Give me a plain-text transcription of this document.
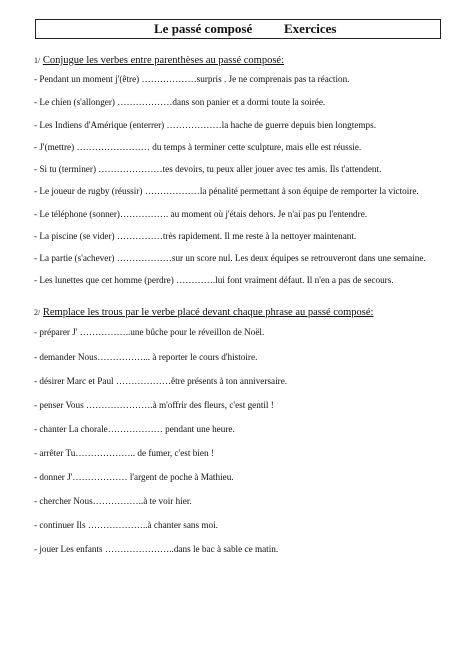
Le passé composé Exercices
1/ Conjugue les verbes entre parenthèses au passé composé:
- Pendant un moment j'(être) ………………surpris . Je ne comprenais pas ta réaction.
- Le chien (s'allonger) ………………dans son panier et a dormi toute la soirée.
- Les Indiens d'Amérique (enterrer) ………………la hache de guerre depuis bien longtemps.
- J'(mettre) …………………… du temps à terminer cette sculpture, mais elle est réussie.
- Si tu (terminer) …………………tes devoirs, tu peux aller jouer avec tes amis. Ils t'attendent.
- Le joueur de rugby (réussir) ………………la pénalité permettant à son équipe de remporter la victoire.
- Le téléphone (sonner)……………. au moment où j'étais dehors. Je n'ai pas pu l'entendre.
- La piscine (se vider) ……………très rapidement. Il me reste à la nettoyer maintenant.
- La partie (s'achever) ………………sur un score nul. Les deux équipes se retrouveront dans une semaine.
- Les lunettes que cet homme (perdre) ………….lui font vraiment défaut. Il n'en a pas de secours.
2/ Remplace les trous par le verbe placé devant chaque phrase au passé composé:
- préparer J' ……………..une bûche pour le réveillon de Noël.
- demander Nous……………... à reporter le cours d'histoire.
- désirer Marc et Paul ………………être présents à ton anniversaire.
- penser Vous ………………….à m'offrir des fleurs, c'est gentil !
- chanter La chorale……………… pendant une heure.
- arrêter Tu……………….. de fumer, c'est bien !
- donner J'……………… l'argent de poche à Mathieu.
- chercher Nous……………..à te voir hier.
- continuer Ils ………………..à chanter sans moi.
- jouer Les enfants …………………..dans le bac à sable ce matin.
